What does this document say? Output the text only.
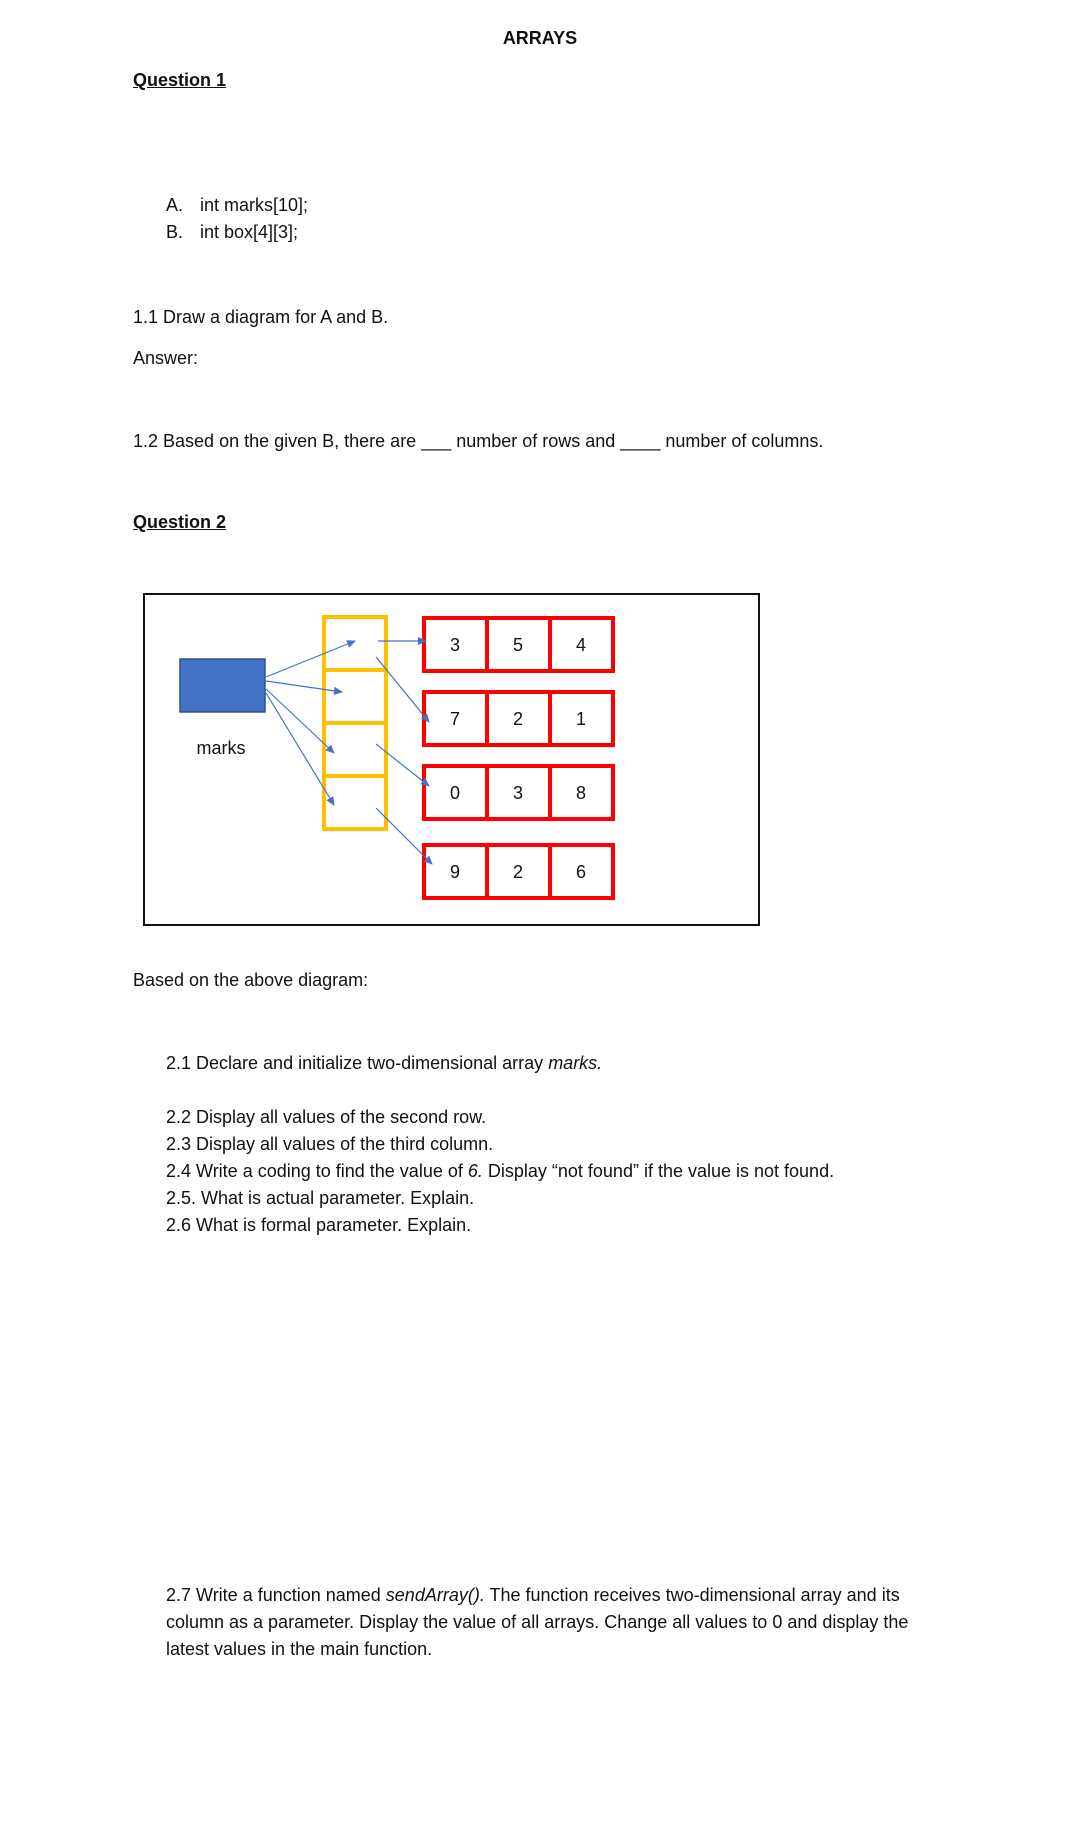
ARRAYS
Question 1
A. int marks[10];
B. int box[4][3];
1.1 Draw a diagram for A and B.
Answer:
1.2 Based on the given B, there are ___ number of rows and ____ number of columns.
Question 2
marks
3	5	4
7	2	1
0	3	8
9	2	6
Based on the above diagram:
2.1 Declare and initialize two-dimensional array marks.
2.2 Display all values of the second row.
2.3 Display all values of the third column.
2.4 Write a coding to find the value of 6. Display “not found” if the value is not found.
2.5. What is actual parameter. Explain.
2.6 What is formal parameter. Explain.
2.7 Write a function named sendArray(). The function receives two-dimensional array and its
column as a parameter. Display the value of all arrays. Change all values to 0 and display the
latest values in the main function.
